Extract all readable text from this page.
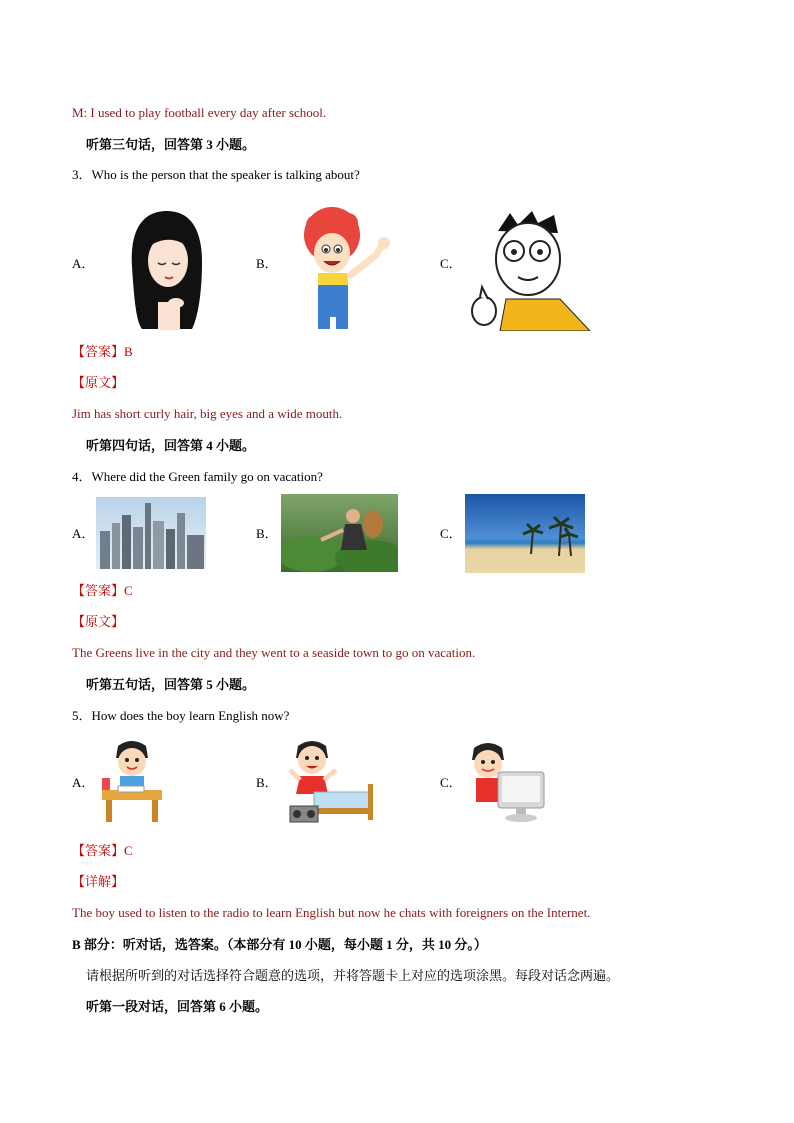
M: I used to play football every day after school.
听第三句话，回答第 3 小题。
3．Who is the person that the speaker is talking about?
A．	B．	C．
【答案】B
【原文】
Jim has short curly hair, big eyes and a wide mouth.
听第四句话，回答第 4 小题。
4．Where did the Green family go on vacation?
A．	B．	C．
【答案】C
【原文】
The Greens live in the city and they went to a seaside town to go on vacation.
听第五句话，回答第 5 小题。
5．How does the boy learn English now?
A．	B．	C．
【答案】C
【详解】
The boy used to listen to the radio to learn English but now he chats with foreigners on the Internet.
B 部分：听对话，选答案。（本部分有 10 小题，每小题 1 分，共 10 分。）
请根据所听到的对话选择符合题意的选项，并将答题卡上对应的选项涂黑。每段对话念两遍。
听第一段对话，回答第 6 小题。
